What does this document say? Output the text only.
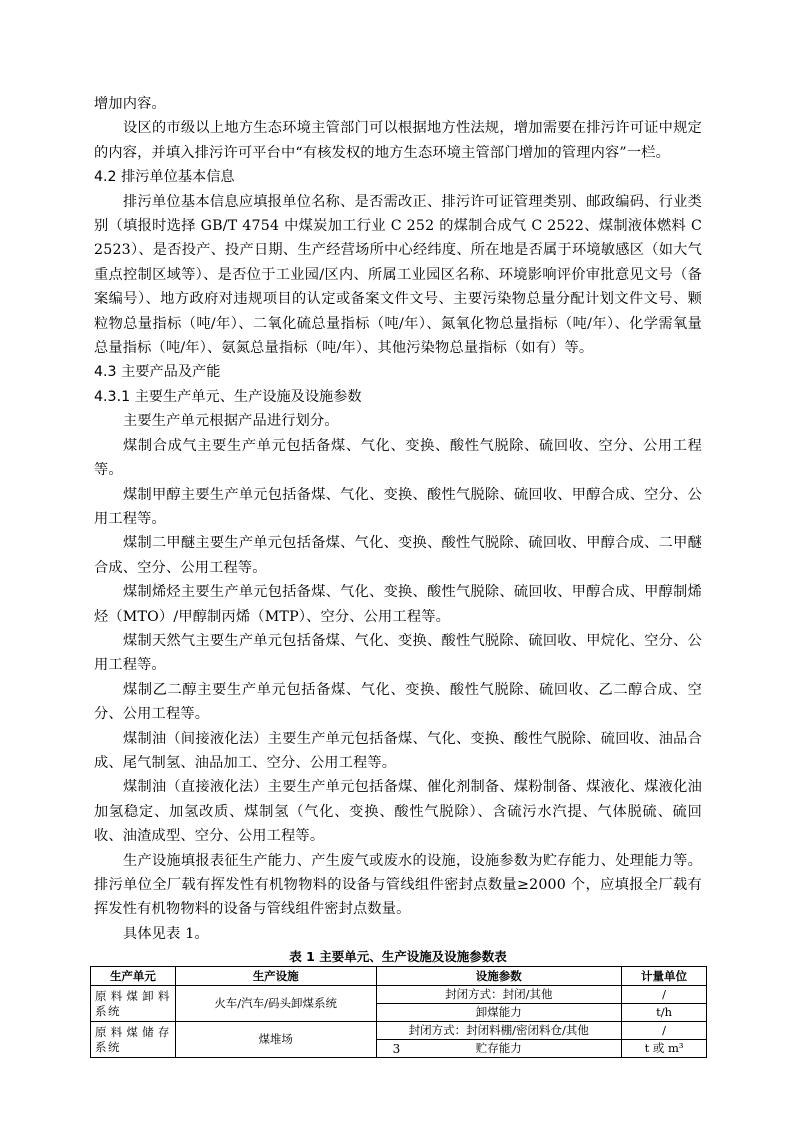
增加内容。

设区的市级以上地方生态环境主管部门可以根据地方性法规，增加需要在排污许可证中规定的内容，并填入排污许可平台中“有核发权的地方生态环境主管部门增加的管理内容”一栏。

4.2 排污单位基本信息

排污单位基本信息应填报单位名称、是否需改正、排污许可证管理类别、邮政编码、行业类别（填报时选择 GB/T 4754 中煤炭加工行业 C 252 的煤制合成气 C 2522、煤制液体燃料 C 2523）、是否投产、投产日期、生产经营场所中心经纬度、所在地是否属于环境敏感区（如大气重点控制区域等）、是否位于工业园/区内、所属工业园区名称、环境影响评价审批意见文号（备案编号）、地方政府对违规项目的认定或备案文件文号、主要污染物总量分配计划文件文号、颗粒物总量指标（吨/年）、二氧化硫总量指标（吨/年）、氮氧化物总量指标（吨/年）、化学需氧量总量指标（吨/年）、氨氮总量指标（吨/年）、其他污染物总量指标（如有）等。

4.3 主要产品及产能

4.3.1 主要生产单元、生产设施及设施参数

主要生产单元根据产品进行划分。

煤制合成气主要生产单元包括备煤、气化、变换、酸性气脱除、硫回收、空分、公用工程等。

煤制甲醇主要生产单元包括备煤、气化、变换、酸性气脱除、硫回收、甲醇合成、空分、公用工程等。

煤制二甲醚主要生产单元包括备煤、气化、变换、酸性气脱除、硫回收、甲醇合成、二甲醚合成、空分、公用工程等。

煤制烯烃主要生产单元包括备煤、气化、变换、酸性气脱除、硫回收、甲醇合成、甲醇制烯烃（MTO）/甲醇制丙烯（MTP）、空分、公用工程等。

煤制天然气主要生产单元包括备煤、气化、变换、酸性气脱除、硫回收、甲烷化、空分、公用工程等。

煤制乙二醇主要生产单元包括备煤、气化、变换、酸性气脱除、硫回收、乙二醇合成、空分、公用工程等。

煤制油（间接液化法）主要生产单元包括备煤、气化、变换、酸性气脱除、硫回收、油品合成、尾气制氢、油品加工、空分、公用工程等。

煤制油（直接液化法）主要生产单元包括备煤、催化剂制备、煤粉制备、煤液化、煤液化油加氢稳定、加氢改质、煤制氢（气化、变换、酸性气脱除）、含硫污水汽提、气体脱硫、硫回收、油渣成型、空分、公用工程等。

生产设施填报表征生产能力、产生废气或废水的设施，设施参数为贮存能力、处理能力等。排污单位全厂载有挥发性有机物物料的设备与管线组件密封点数量≥2000 个，应填报全厂载有挥发性有机物物料的设备与管线组件密封点数量。

具体见表 1。

表 1 主要单元、生产设施及设施参数表

生产单元	生产设施	设施参数	计量单位
原料煤卸料系统	火车/汽车/码头卸煤系统	封闭方式：封闭/其他	/
		卸煤能力	t/h
原料煤储存系统	煤堆场	封闭方式：封闭料棚/密闭料仓/其他	/
		贮存能力	t 或 m³
3
